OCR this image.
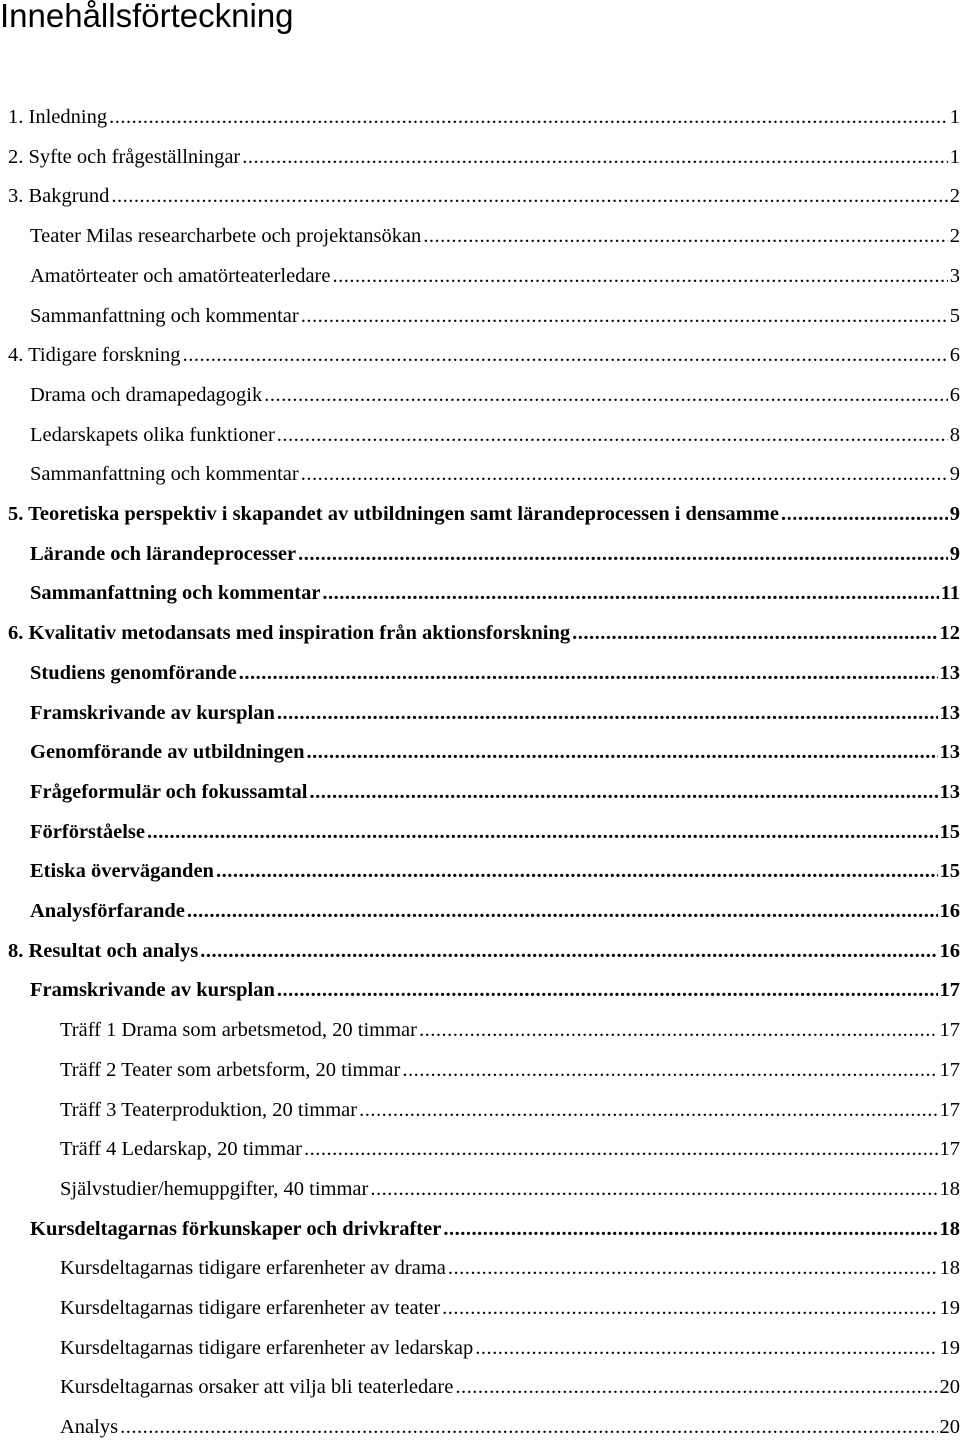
Innehållsförteckning
1. Inledning .....	1
2. Syfte och frågeställningar .....	1
3. Bakgrund .....	2
Teater Milas researcharbete och projektansökan .....	2
Amatörteater och amatörteaterledare .....	3
Sammanfattning och kommentar .....	5
4. Tidigare forskning .....	6
Drama och dramapedagogik .....	6
Ledarskapets olika funktioner .....	8
Sammanfattning och kommentar .....	9
5. Teoretiska perspektiv i skapandet av utbildningen samt lärandeprocessen i densamme .....	9
Lärande och lärandeprocesser .....	9
Sammanfattning och kommentar .....	11
6. Kvalitativ metodansats med inspiration från aktionsforskning .....	12
Studiens genomförande .....	13
Framskrivande av kursplan .....	13
Genomförande av utbildningen .....	13
Frågeformulär och fokussamtal .....	13
Förförståelse .....	15
Etiska överväganden .....	15
Analysförfarande .....	16
8. Resultat och analys .....	16
Framskrivande av kursplan .....	17
Träff 1 Drama som arbetsmetod, 20 timmar .....	17
Träff 2 Teater som arbetsform, 20 timmar .....	17
Träff 3 Teaterproduktion, 20 timmar .....	17
Träff 4 Ledarskap, 20 timmar .....	17
Självstudier/hemuppgifter, 40 timmar .....	18
Kursdeltagarnas förkunskaper och drivkrafter .....	18
Kursdeltagarnas tidigare erfarenheter av drama .....	18
Kursdeltagarnas tidigare erfarenheter av teater .....	19
Kursdeltagarnas tidigare erfarenheter av ledarskap .....	19
Kursdeltagarnas orsaker att vilja bli teaterledare .....	20
Analys .....	20
